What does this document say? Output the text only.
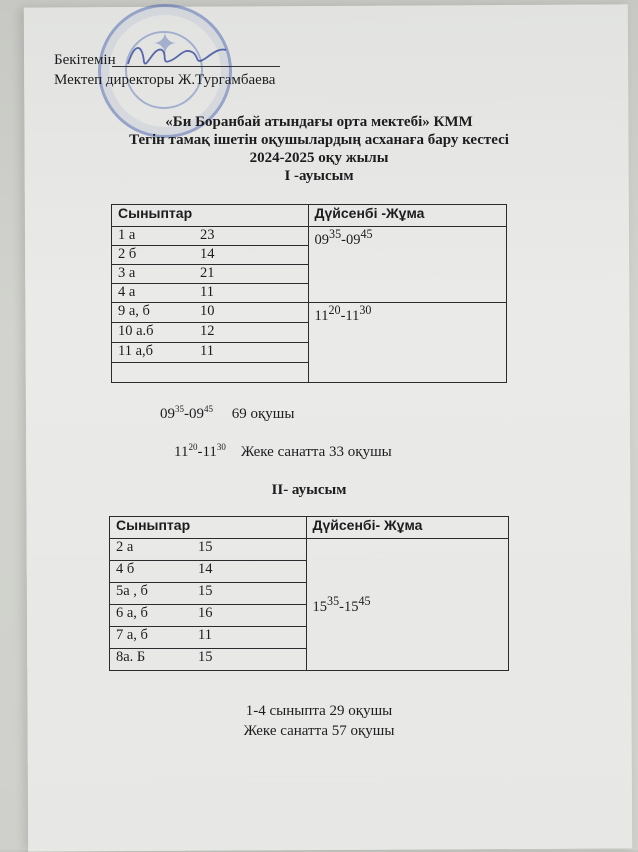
✦
Бекітемін
Мектеп директоры Ж.Тургамбаева
«Би Боранбай атындағы орта мектебі» КММ
Тегін тамақ ішетін оқушылардың асханаға бару кестесі
2024-2025 оқу жылы
I -ауысым
Сыныптар	Дүйсенбі -Жұма
1 а 23	$09^{35}-09^{45}$
2 б 14	
3 а 21	
4 а 11	
9 а, б 10	$11^{20}-11^{30}$
10 а.б 12	
11 а,б 11	

$09^{35}-09^{45}$ 69 оқушы
$11^{20}-11^{30}$ Жеке санатта 33 оқушы
II- ауысым
Сыныптар	Дүйсенбі- Жұма
2 а 15	$15^{35}-15^{45}$
4 б 14	
5а , б 15	
6 а, б 16	
7 а, б 11	
8а. Б 15	
1-4 сыныпта 29 оқушы
Жеке санатта 57 оқушы
